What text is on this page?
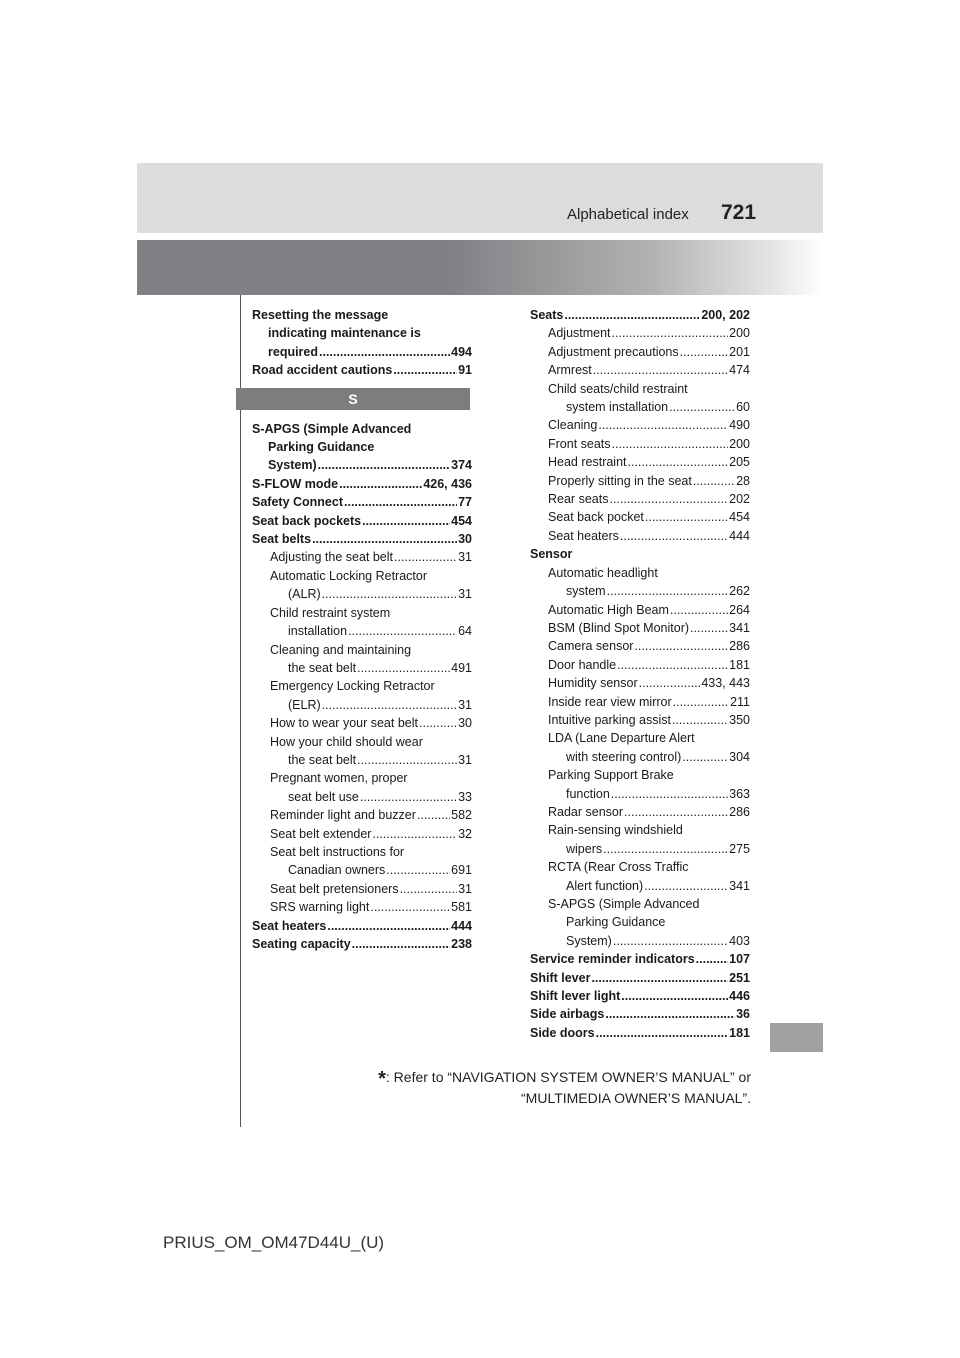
Alphabetical index 721
Resetting the message
indicating maintenance is
required .....	494
Road accident cautions .....	91
S
S-APGS (Simple Advanced
Parking Guidance
System) .....	374
S-FLOW mode .....	426, 436
Safety Connect .....	77
Seat back pockets .....	454
Seat belts .....	30
Adjusting the seat belt .....	31
Automatic Locking Retractor
(ALR) .....	31
Child restraint system
installation .....	64
Cleaning and maintaining
the seat belt .....	491
Emergency Locking Retractor
(ELR) .....	31
How to wear your seat belt .....	30
How your child should wear
the seat belt .....	31
Pregnant women, proper
seat belt use .....	33
Reminder light and buzzer .....	582
Seat belt extender .....	32
Seat belt instructions for
Canadian owners .....	691
Seat belt pretensioners .....	31
SRS warning light .....	581
Seat heaters .....	444
Seating capacity .....	238
Seats .....	200, 202
Adjustment .....	200
Adjustment precautions .....	201
Armrest .....	474
Child seats/child restraint
system installation .....	60
Cleaning .....	490
Front seats .....	200
Head restraint .....	205
Properly sitting in the seat .....	28
Rear seats .....	202
Seat back pocket .....	454
Seat heaters .....	444
Sensor
Automatic headlight
system .....	262
Automatic High Beam .....	264
BSM (Blind Spot Monitor) .....	341
Camera sensor .....	286
Door handle .....	181
Humidity sensor .....	433, 443
Inside rear view mirror .....	211
Intuitive parking assist .....	350
LDA (Lane Departure Alert
with steering control) .....	304
Parking Support Brake
function .....	363
Radar sensor .....	286
Rain-sensing windshield
wipers .....	275
RCTA (Rear Cross Traffic
Alert function) .....	341
S-APGS (Simple Advanced
Parking Guidance
System) .....	403
Service reminder indicators .....	107
Shift lever .....	251
Shift lever light .....	446
Side airbags .....	36
Side doors .....	181
*: Refer to “NAVIGATION SYSTEM OWNER’S MANUAL” or
“MULTIMEDIA OWNER’S MANUAL”.
PRIUS_OM_OM47D44U_(U)
